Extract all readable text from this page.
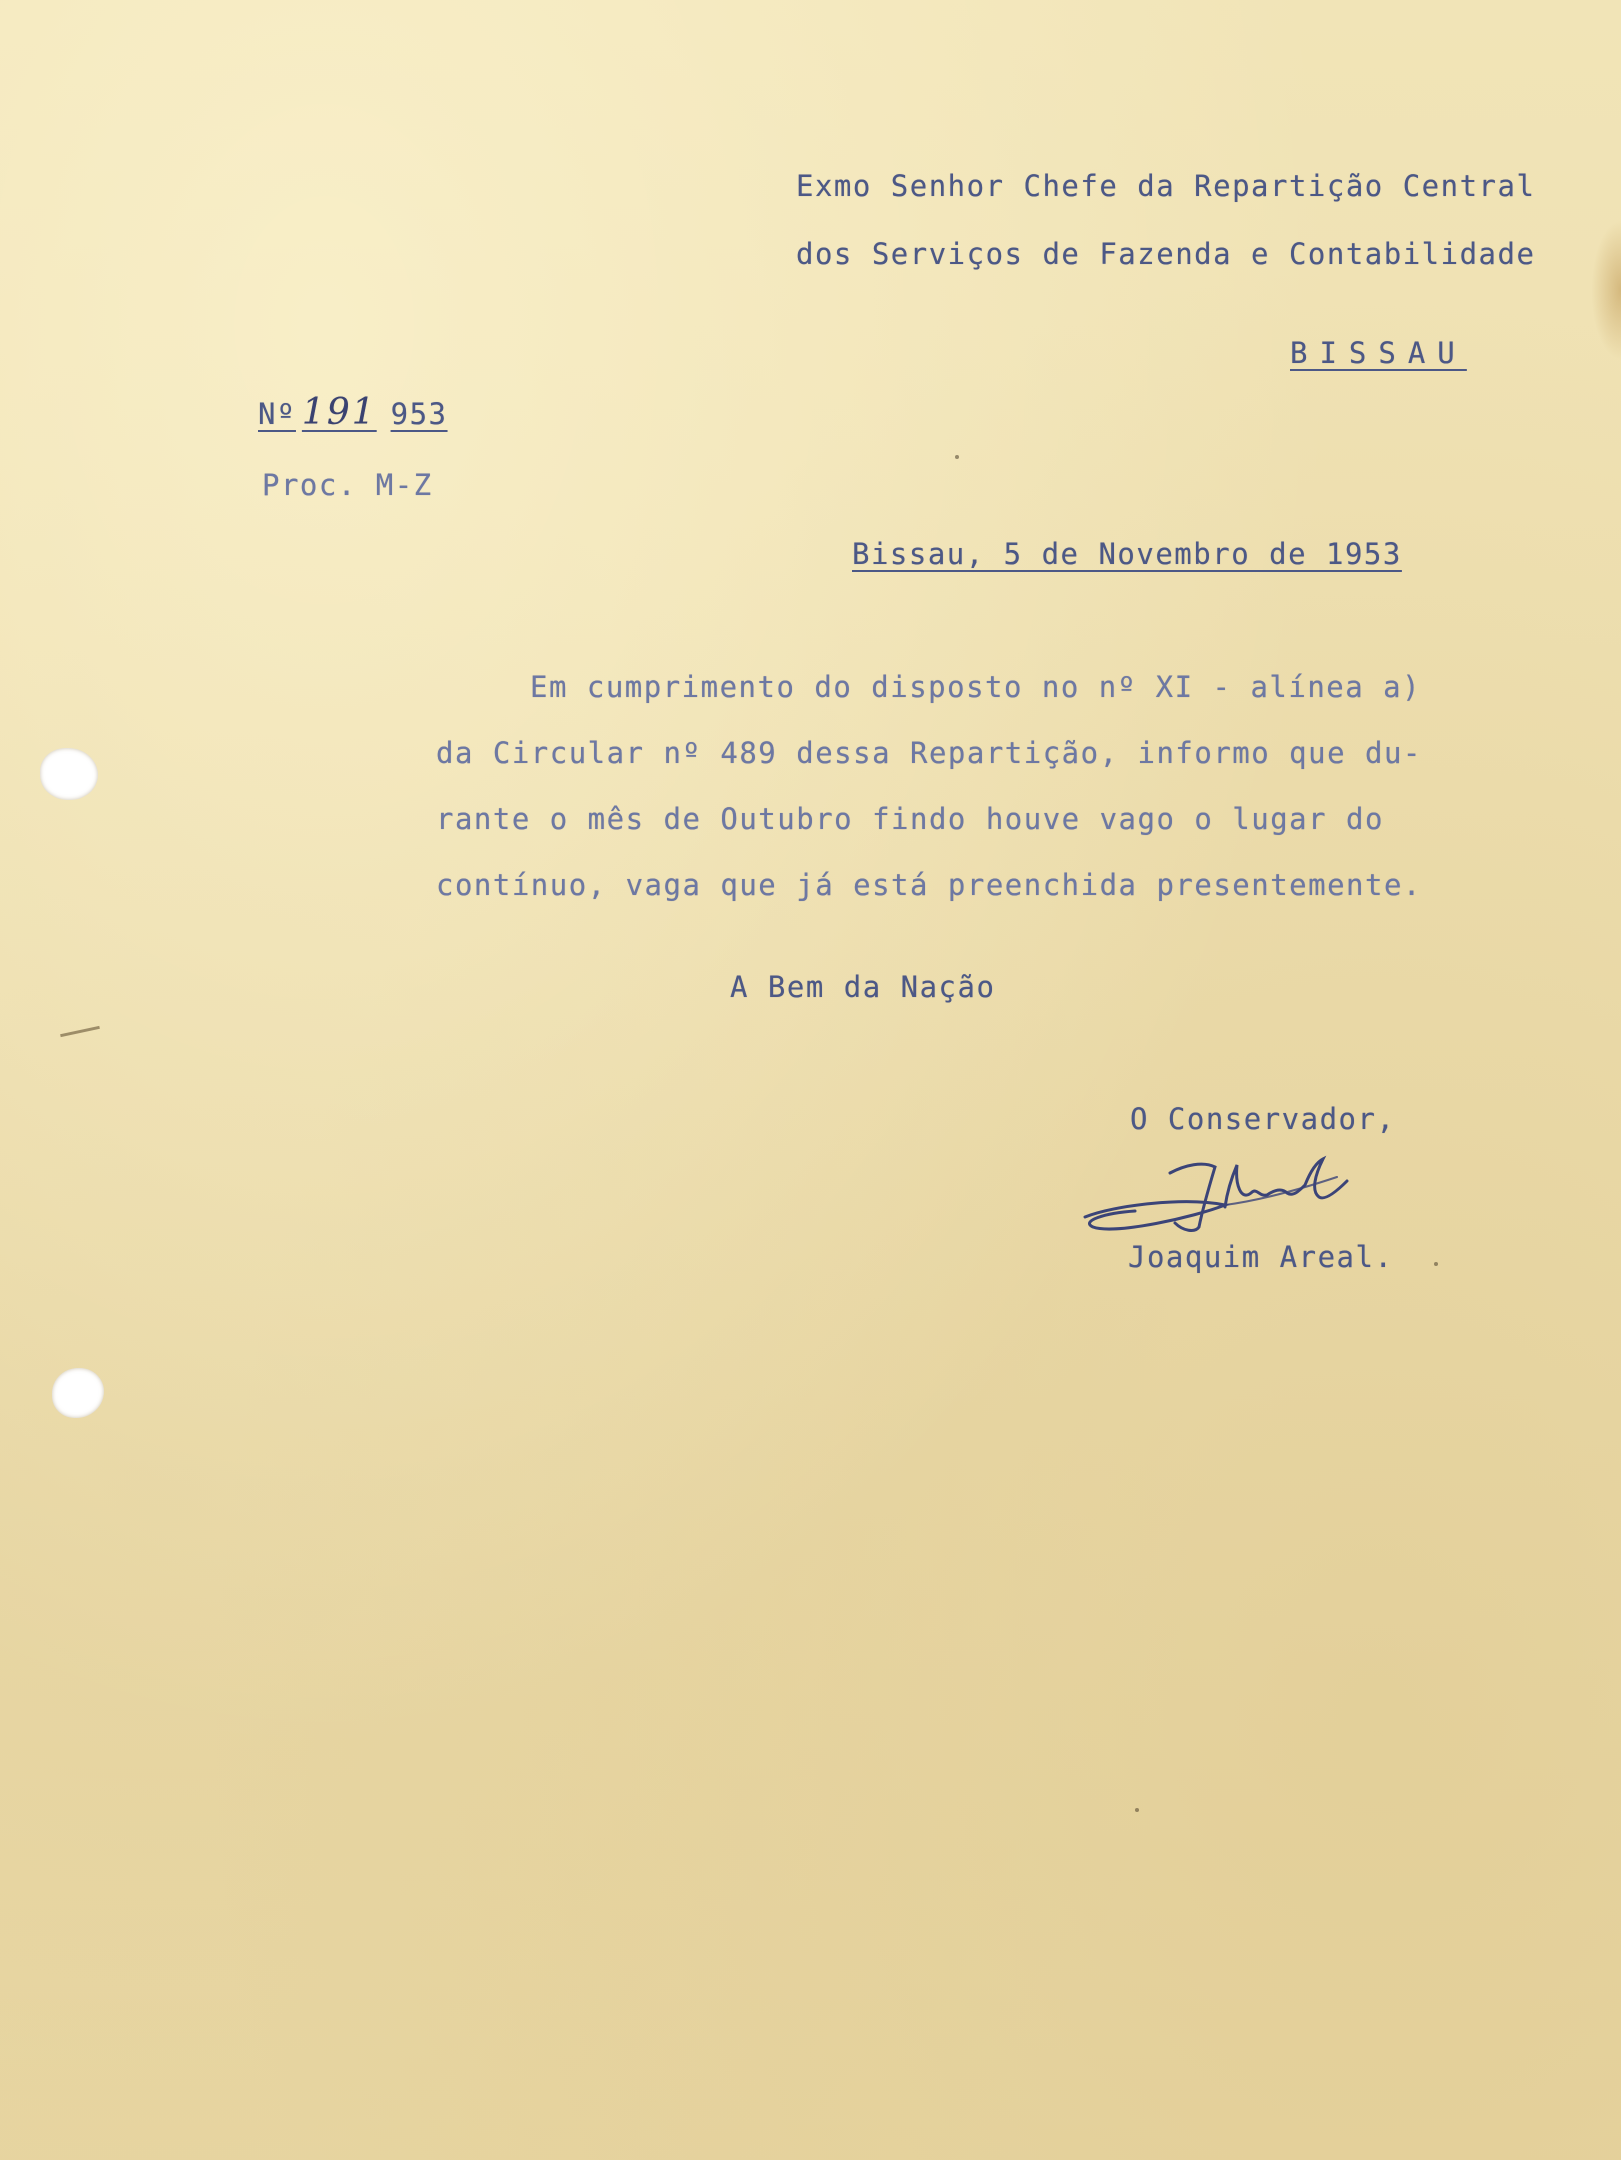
Exmo Senhor Chefe da Repartição Central
dos Serviços de Fazenda e Contabilidade
BISSAU
Nº 191 953
Proc. M-Z
Bissau, 5 de Novembro de 1953
Em cumprimento do disposto no nº XI - alínea a)
da Circular nº 489 dessa Repartição, informo que du-
rante o mês de Outubro findo houve vago o lugar do
contínuo, vaga que já está preenchida presentemente.
A Bem da Nação
O Conservador,
Joaquim Areal.
